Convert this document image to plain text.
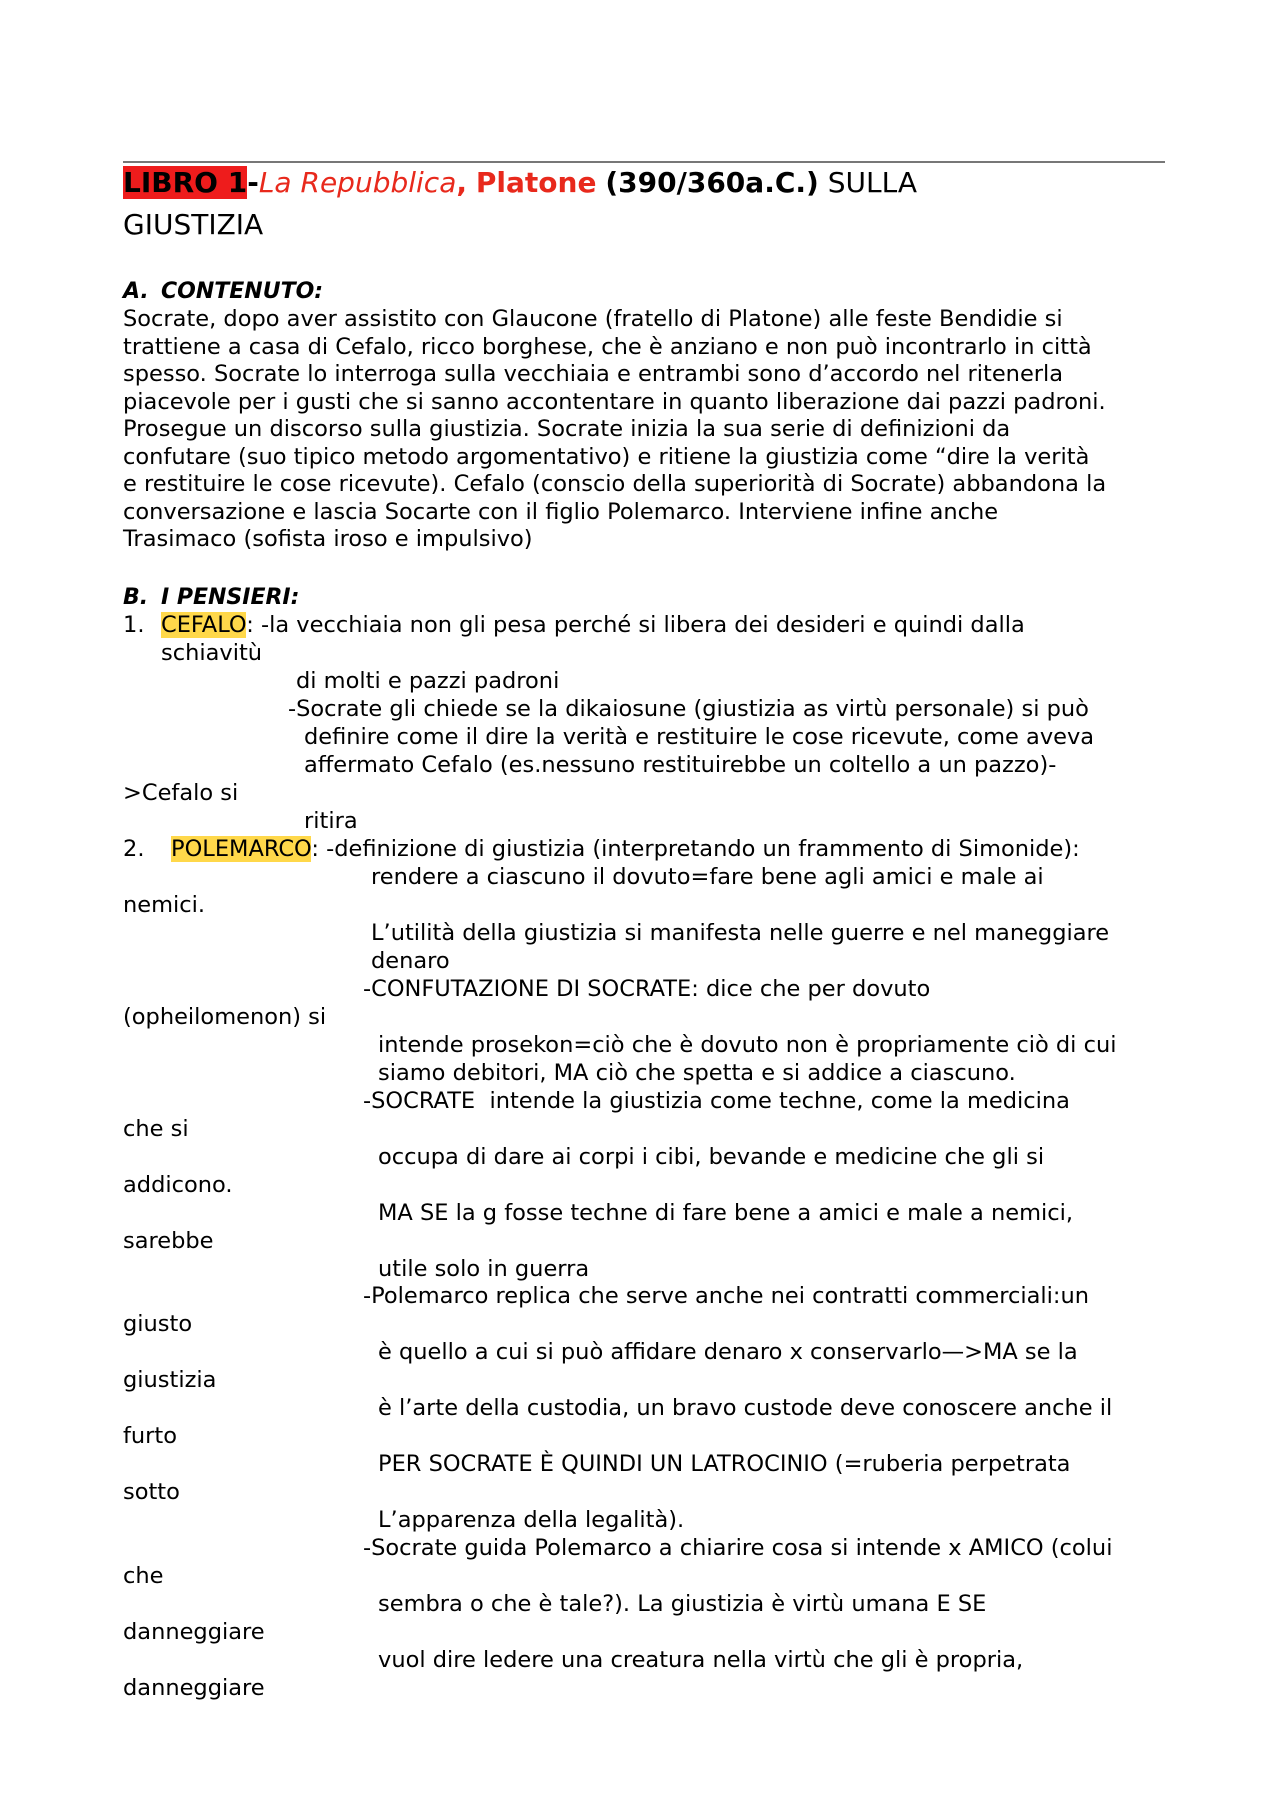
LIBRO 1-La Repubblica, Platone (390/360a.C.) SULLA
GIUSTIZIA
A. CONTENUTO:
Socrate, dopo aver assistito con Glaucone (fratello di Platone) alle feste Bendidie si
trattiene a casa di Cefalo, ricco borghese, che è anziano e non può incontrarlo in città
spesso. Socrate lo interroga sulla vecchiaia e entrambi sono d’accordo nel ritenerla
piacevole per i gusti che si sanno accontentare in quanto liberazione dai pazzi padroni.
Prosegue un discorso sulla giustizia. Socrate inizia la sua serie di definizioni da
confutare (suo tipico metodo argomentativo) e ritiene la giustizia come “dire la verità
e restituire le cose ricevute). Cefalo (conscio della superiorità di Socrate) abbandona la
conversazione e lascia Socarte con il figlio Polemarco. Interviene infine anche
Trasimaco (sofista iroso e impulsivo)
B. I PENSIERI:
1. CEFALO: -la vecchiaia non gli pesa perché si libera dei desideri e quindi dalla
schiavitù
di molti e pazzi padroni
-Socrate gli chiede se la dikaiosune (giustizia as virtù personale) si può
definire come il dire la verità e restituire le cose ricevute, come aveva
affermato Cefalo (es.nessuno restituirebbe un coltello a un pazzo)-
>Cefalo si
ritira
2. POLEMARCO: -definizione di giustizia (interpretando un frammento di Simonide):
rendere a ciascuno il dovuto=fare bene agli amici e male ai
nemici.
L’utilità della giustizia si manifesta nelle guerre e nel maneggiare
denaro
-CONFUTAZIONE DI SOCRATE: dice che per dovuto
(opheilomenon) si
intende prosekon=ciò che è dovuto non è propriamente ciò di cui
siamo debitori, MA ciò che spetta e si addice a ciascuno.
-SOCRATE  intende la giustizia come techne, come la medicina
che si
occupa di dare ai corpi i cibi, bevande e medicine che gli si
addicono.
MA SE la g fosse techne di fare bene a amici e male a nemici,
sarebbe
utile solo in guerra
-Polemarco replica che serve anche nei contratti commerciali:un
giusto
è quello a cui si può affidare denaro x conservarlo—>MA se la
giustizia
è l’arte della custodia, un bravo custode deve conoscere anche il
furto
PER SOCRATE È QUINDI UN LATROCINIO (=ruberia perpetrata
sotto
L’apparenza della legalità).
-Socrate guida Polemarco a chiarire cosa si intende x AMICO (colui
che
sembra o che è tale?). La giustizia è virtù umana E SE
danneggiare
vuol dire ledere una creatura nella virtù che gli è propria,
danneggiare
